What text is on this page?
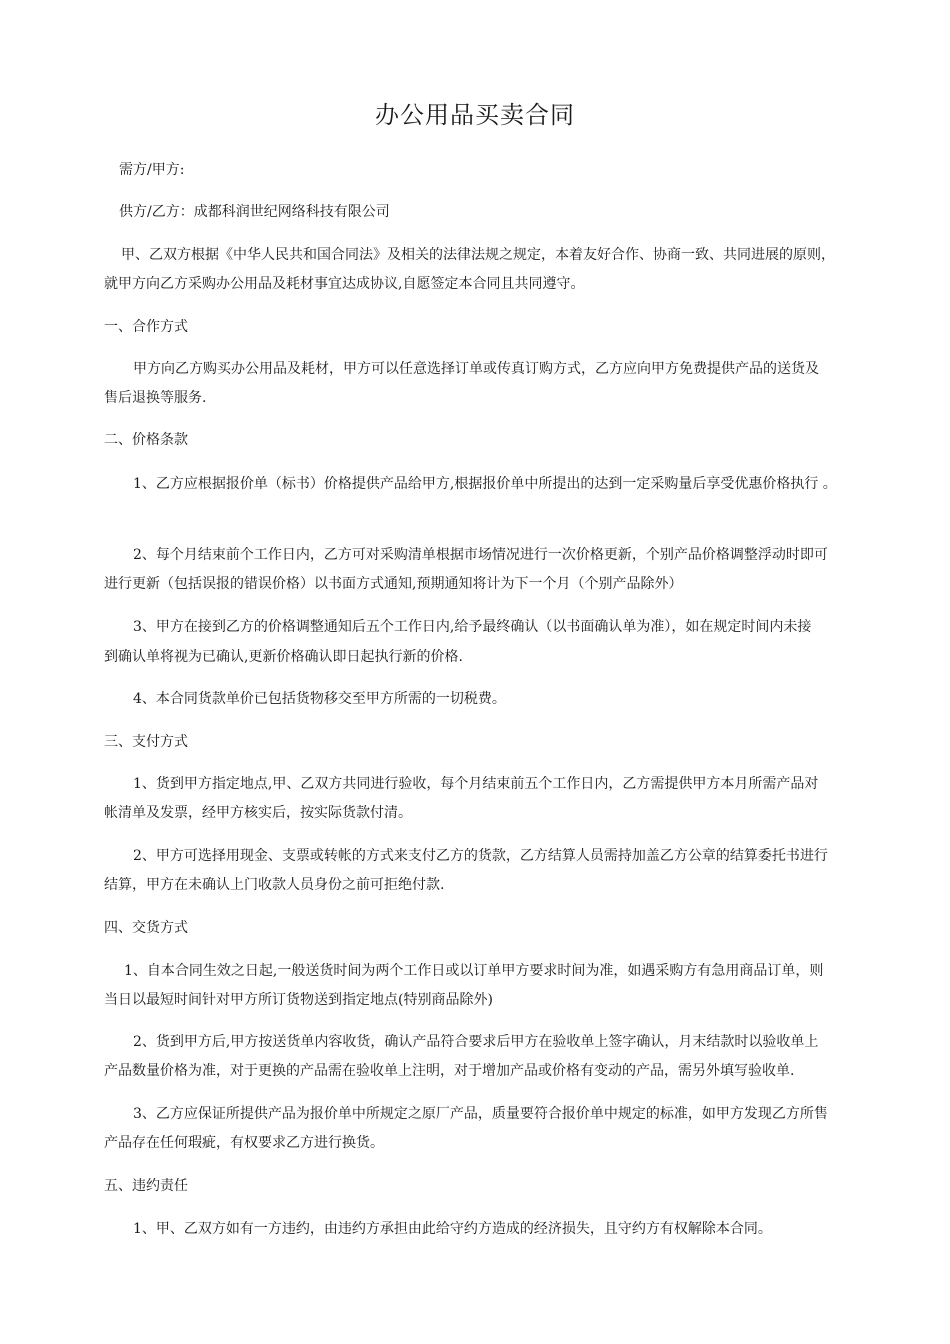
办公用品买卖合同

需方/甲方:

供方/乙方：成都科润世纪网络科技有限公司

甲、乙双方根据《中华人民共和国合同法》及相关的法律法规之规定，本着友好合作、协商一致、共同进展的原则，

就甲方向乙方采购办公用品及耗材事宜达成协议,自愿签定本合同且共同遵守。

一、合作方式

甲方向乙方购买办公用品及耗材，甲方可以任意选择订单或传真订购方式，乙方应向甲方免费提供产品的送货及

售后退换等服务.

二、价格条款

1、乙方应根据报价单（标书）价格提供产品给甲方,根据报价单中所提出的达到一定采购量后享受优惠价格执行 。

2、每个月结束前个工作日内，乙方可对采购清单根据市场情况进行一次价格更新，个别产品价格调整浮动时即可

进行更新（包括误报的错误价格）以书面方式通知,预期通知将计为下一个月（个别产品除外）

3、甲方在接到乙方的价格调整通知后五个工作日内,给予最终确认（以书面确认单为准），如在规定时间内未接

到确认单将视为已确认,更新价格确认即日起执行新的价格.

4、本合同货款单价已包括货物移交至甲方所需的一切税费。

三、支付方式

1、货到甲方指定地点,甲、乙双方共同进行验收，每个月结束前五个工作日内，乙方需提供甲方本月所需产品对

帐清单及发票，经甲方核实后，按实际货款付清。

2、甲方可选择用现金、支票或转帐的方式来支付乙方的货款，乙方结算人员需持加盖乙方公章的结算委托书进行

结算，甲方在未确认上门收款人员身份之前可拒绝付款.

四、交货方式

1、自本合同生效之日起,一般送货时间为两个工作日或以订单甲方要求时间为准，如遇采购方有急用商品订单，则

当日以最短时间针对甲方所订货物送到指定地点(特别商品除外)

2、货到甲方后,甲方按送货单内容收货，确认产品符合要求后甲方在验收单上签字确认，月末结款时以验收单上

产品数量价格为准，对于更换的产品需在验收单上注明，对于增加产品或价格有变动的产品，需另外填写验收单.

3、乙方应保证所提供产品为报价单中所规定之原厂产品，质量要符合报价单中规定的标准，如甲方发现乙方所售

产品存在任何瑕疵，有权要求乙方进行换货。

五、违约责任

1、甲、乙双方如有一方违约，由违约方承担由此给守约方造成的经济损失，且守约方有权解除本合同。
